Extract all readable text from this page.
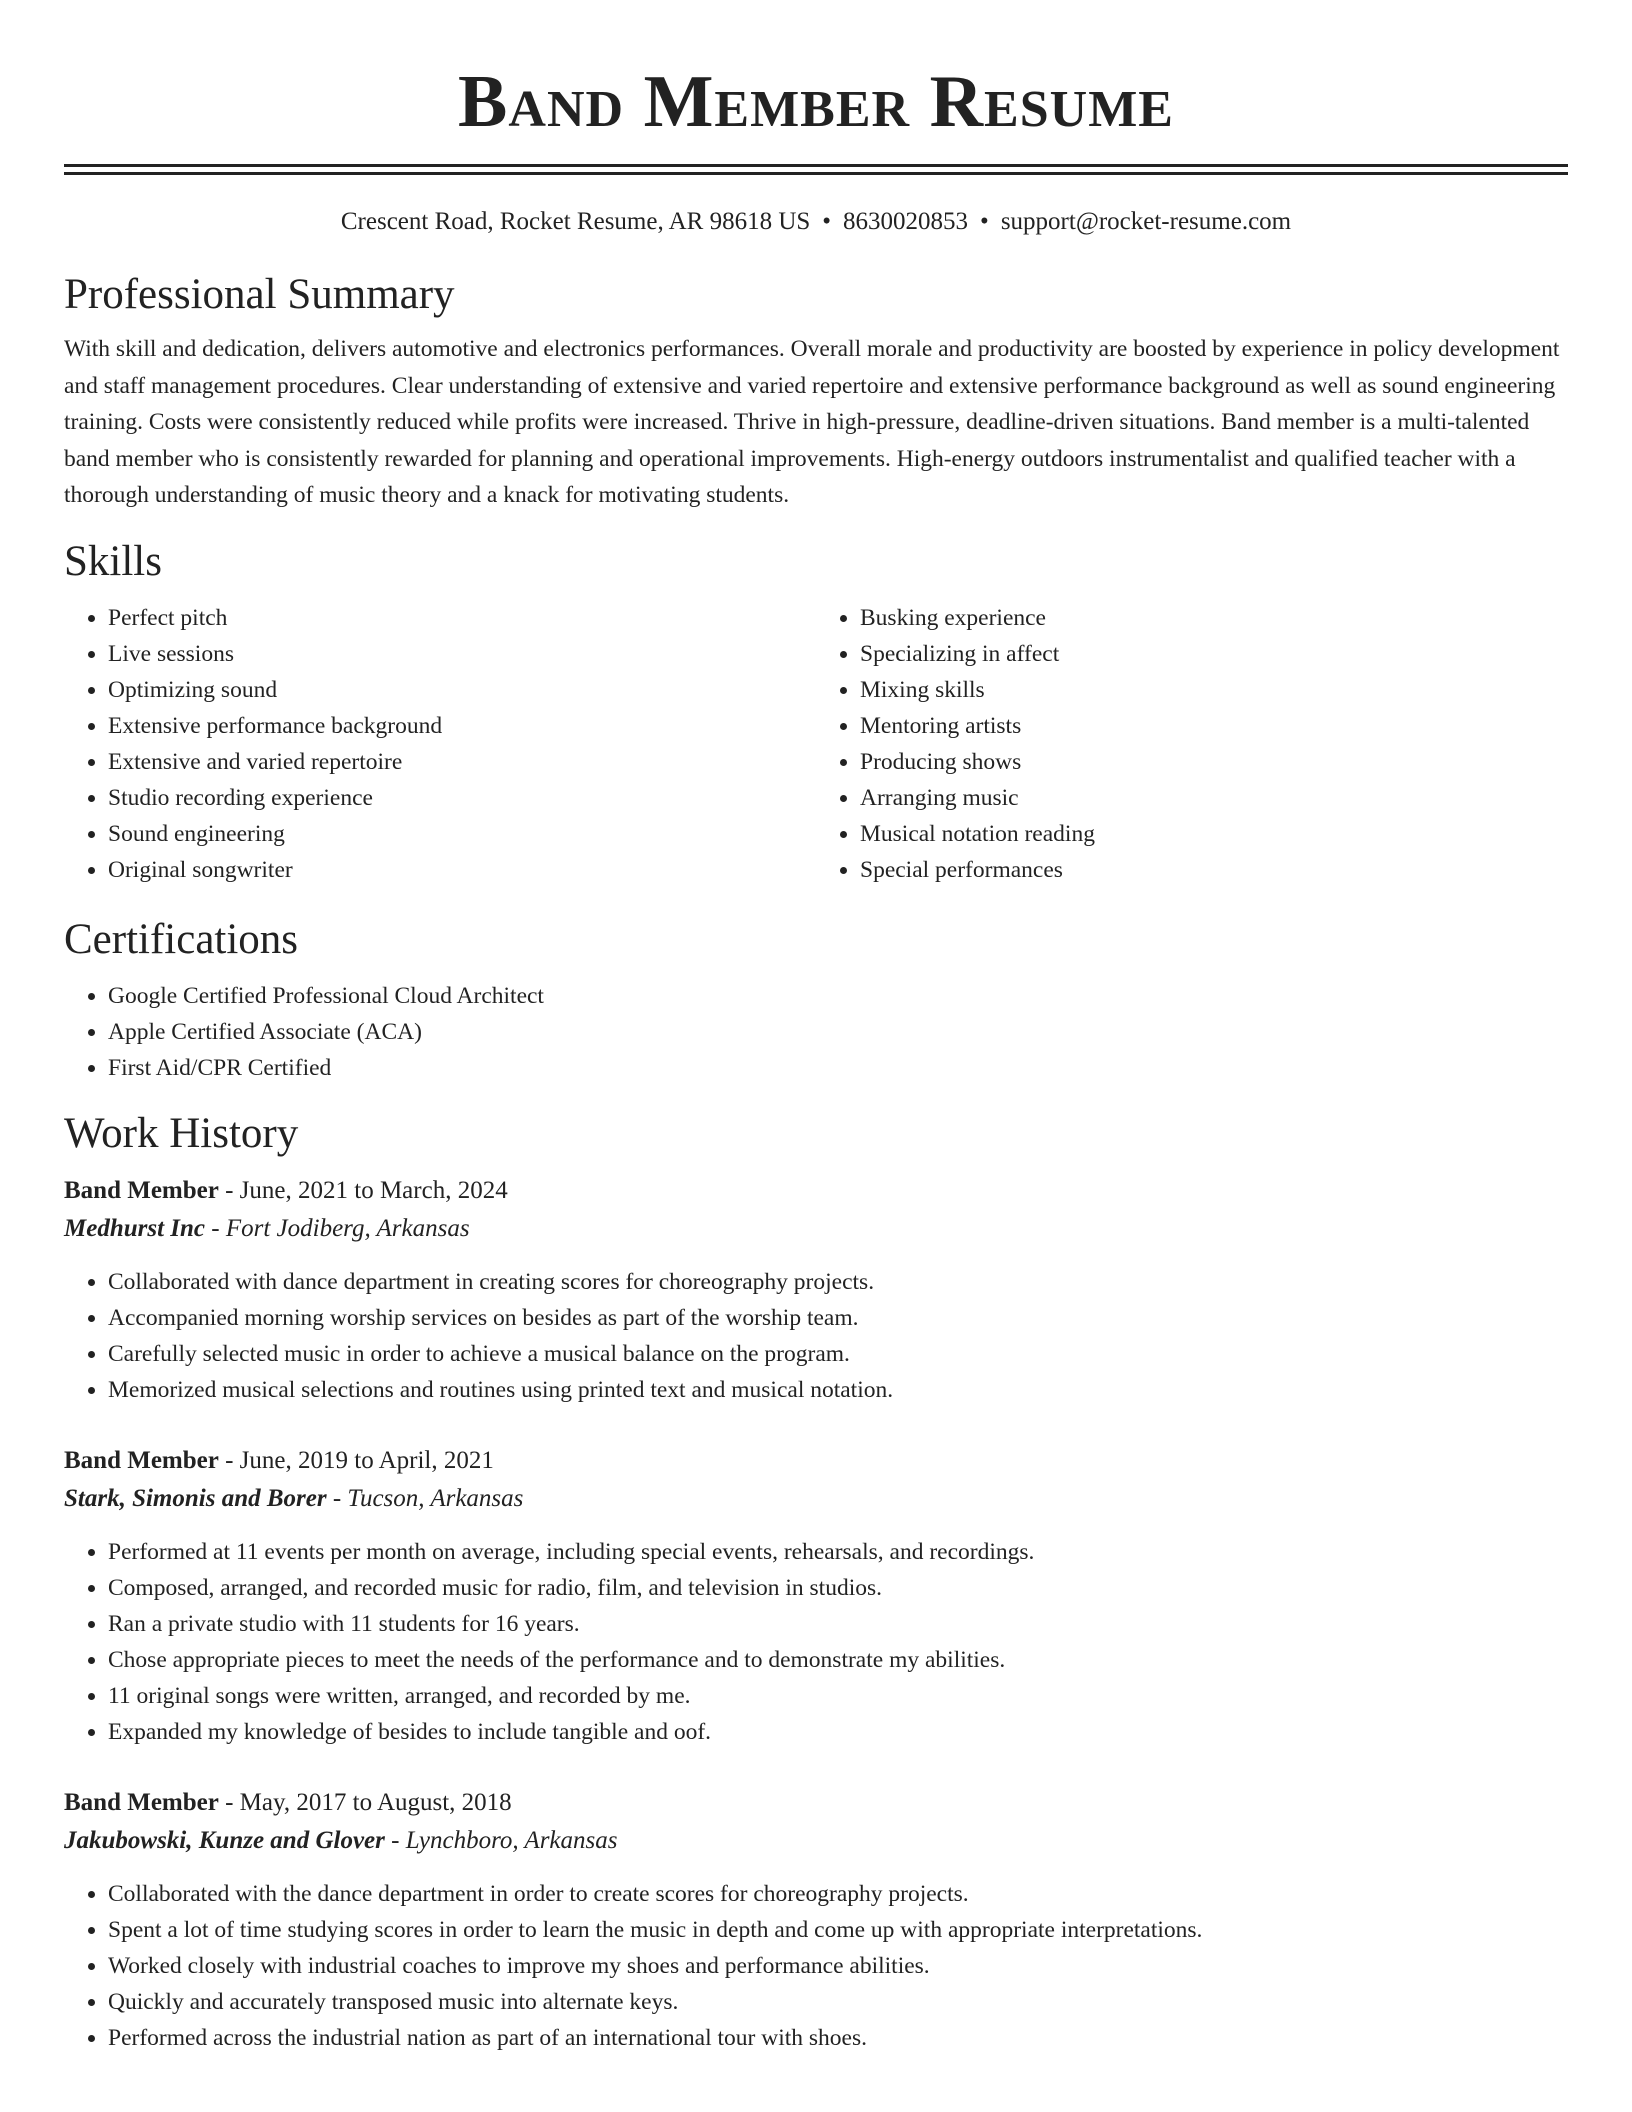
Band Member Resume
Crescent Road, Rocket Resume, AR 98618 US • 8630020853 • support@rocket-resume.com
Professional Summary
With skill and dedication, delivers automotive and electronics performances. Overall morale and productivity are boosted by experience in policy development and staff management procedures. Clear understanding of extensive and varied repertoire and extensive performance background as well as sound engineering training. Costs were consistently reduced while profits were increased. Thrive in high-pressure, deadline-driven situations. Band member is a multi-talented band member who is consistently rewarded for planning and operational improvements. High-energy outdoors instrumentalist and qualified teacher with a thorough understanding of music theory and a knack for motivating students.
Skills
• Perfect pitch
• Live sessions
• Optimizing sound
• Extensive performance background
• Extensive and varied repertoire
• Studio recording experience
• Sound engineering
• Original songwriter
• Busking experience
• Specializing in affect
• Mixing skills
• Mentoring artists
• Producing shows
• Arranging music
• Musical notation reading
• Special performances
Certifications
• Google Certified Professional Cloud Architect
• Apple Certified Associate (ACA)
• First Aid/CPR Certified
Work History
Band Member - June, 2021 to March, 2024
Medhurst Inc - Fort Jodiberg, Arkansas
• Collaborated with dance department in creating scores for choreography projects.
• Accompanied morning worship services on besides as part of the worship team.
• Carefully selected music in order to achieve a musical balance on the program.
• Memorized musical selections and routines using printed text and musical notation.
Band Member - June, 2019 to April, 2021
Stark, Simonis and Borer - Tucson, Arkansas
• Performed at 11 events per month on average, including special events, rehearsals, and recordings.
• Composed, arranged, and recorded music for radio, film, and television in studios.
• Ran a private studio with 11 students for 16 years.
• Chose appropriate pieces to meet the needs of the performance and to demonstrate my abilities.
• 11 original songs were written, arranged, and recorded by me.
• Expanded my knowledge of besides to include tangible and oof.
Band Member - May, 2017 to August, 2018
Jakubowski, Kunze and Glover - Lynchboro, Arkansas
• Collaborated with the dance department in order to create scores for choreography projects.
• Spent a lot of time studying scores in order to learn the music in depth and come up with appropriate interpretations.
• Worked closely with industrial coaches to improve my shoes and performance abilities.
• Quickly and accurately transposed music into alternate keys.
• Performed across the industrial nation as part of an international tour with shoes.
